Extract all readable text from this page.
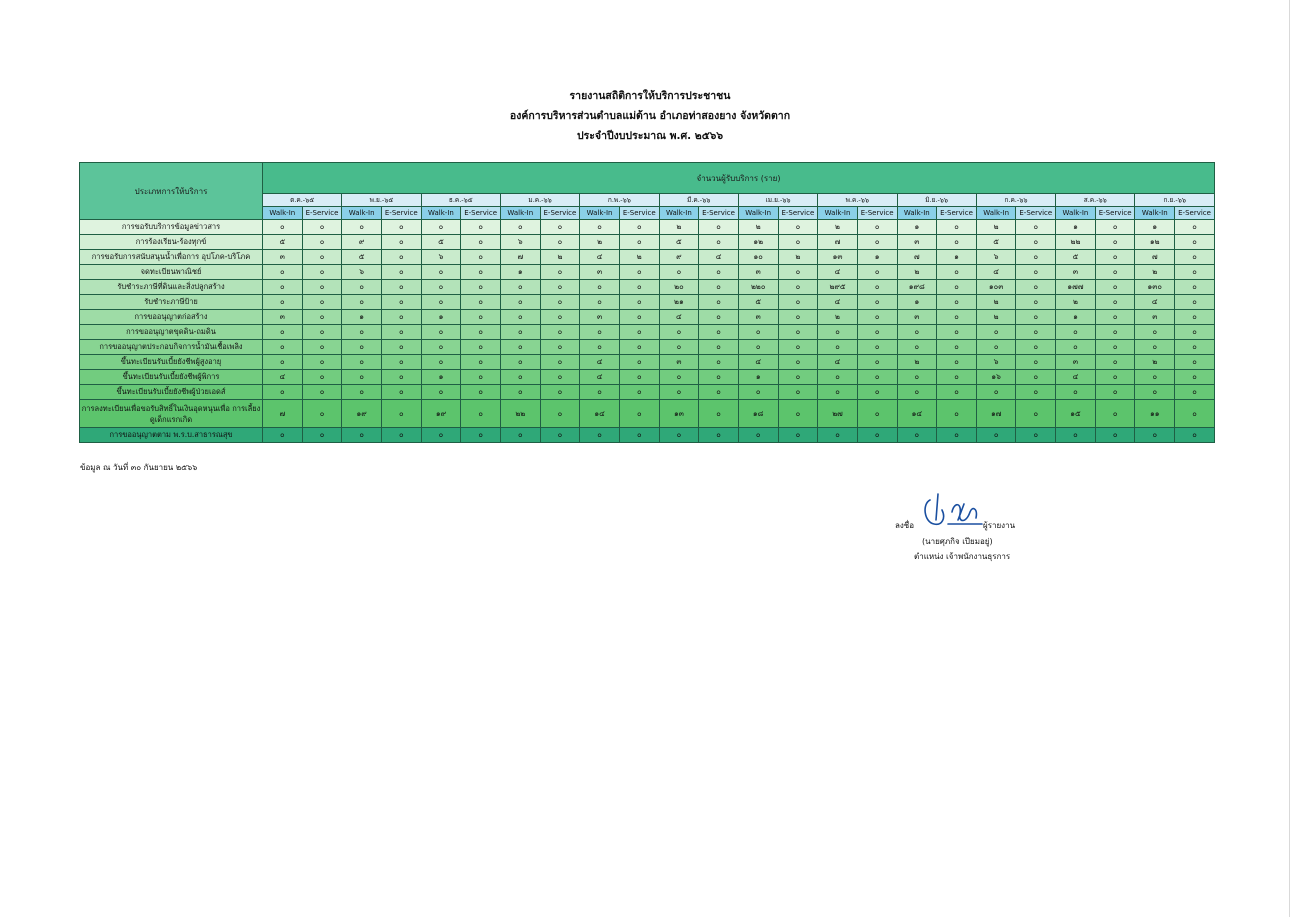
รายงานสถิติการให้บริการประชาชน
องค์การบริหารส่วนตำบลแม่ต้าน อำเภอท่าสองยาง จังหวัดตาก
ประจำปีงบประมาณ พ.ศ. ๒๕๖๖
ประเภทการให้บริการ	จำนวนผู้รับบริการ (ราย)																							
	ต.ค.-๖๕		พ.ย.-๖๕		ธ.ค.-๖๕		ม.ค.-๖๖		ก.พ.-๖๖		มี.ค.-๖๖		เม.ย.-๖๖		พ.ค.-๖๖		มิ.ย.-๖๖		ก.ค.-๖๖		ส.ค.-๖๖		ก.ย.-๖๖	
	Walk-In	E-Service	Walk-In	E-Service	Walk-In	E-Service	Walk-In	E-Service	Walk-In	E-Service	Walk-In	E-Service	Walk-In	E-Service	Walk-In	E-Service	Walk-In	E-Service	Walk-In	E-Service	Walk-In	E-Service	Walk-In	E-Service
การขอรับบริการข้อมูลข่าวสาร	๐	๐	๐	๐	๐	๐	๐	๐	๐	๐	๒	๐	๒	๐	๒	๐	๑	๐	๒	๐	๑	๐	๑	๐
การร้องเรียน-ร้องทุกข์	๕	๐	๙	๐	๕	๐	๖	๐	๒	๐	๕	๐	๑๒	๐	๗	๐	๓	๐	๕	๐	๒๒	๐	๑๒	๐
การขอรับการสนับสนุนน้ำเพื่อการ อุปโภค-บริโภค	๓	๐	๕	๐	๖	๐	๗	๒	๔	๒	๙	๔	๑๐	๒	๑๓	๑	๗	๑	๖	๐	๕	๐	๗	๐
จดทะเบียนพาณิชย์	๐	๐	๖	๐	๐	๐	๑	๐	๓	๐	๐	๐	๓	๐	๔	๐	๒	๐	๔	๐	๓	๐	๒	๐
รับชำระภาษีที่ดินและสิ่งปลูกสร้าง	๐	๐	๐	๐	๐	๐	๐	๐	๐	๐	๒๐	๐	๒๒๐	๐	๒๙๕	๐	๑๙๘	๐	๑๐๓	๐	๑๗๗	๐	๑๓๐	๐
รับชำระภาษีป้าย	๐	๐	๐	๐	๐	๐	๐	๐	๐	๐	๒๑	๐	๕	๐	๔	๐	๑	๐	๒	๐	๒	๐	๔	๐
การขออนุญาตก่อสร้าง	๓	๐	๑	๐	๑	๐	๐	๐	๓	๐	๔	๐	๓	๐	๒	๐	๓	๐	๒	๐	๑	๐	๓	๐
การขออนุญาตขุดดิน-ถมดิน	๐	๐	๐	๐	๐	๐	๐	๐	๐	๐	๐	๐	๐	๐	๐	๐	๐	๐	๐	๐	๐	๐	๐	๐
การขออนุญาตประกอบกิจการน้ำมันเชื้อเพลิง	๐	๐	๐	๐	๐	๐	๐	๐	๐	๐	๐	๐	๐	๐	๐	๐	๐	๐	๐	๐	๐	๐	๐	๐
ขึ้นทะเบียนรับเบี้ยยังชีพผู้สูงอายุ	๐	๐	๐	๐	๐	๐	๐	๐	๔	๐	๓	๐	๔	๐	๔	๐	๒	๐	๖	๐	๓	๐	๒	๐
ขึ้นทะเบียนรับเบี้ยยังชีพผู้พิการ	๔	๐	๐	๐	๑	๐	๐	๐	๔	๐	๐	๐	๑	๐	๐	๐	๐	๐	๑๖	๐	๔	๐	๐	๐
ขึ้นทะเบียนรับเบี้ยยังชีพผู้ป่วยเอดส์	๐	๐	๐	๐	๐	๐	๐	๐	๐	๐	๐	๐	๐	๐	๐	๐	๐	๐	๐	๐	๐	๐	๐	๐
การลงทะเบียนเพื่อขอรับสิทธิ์ในเงินอุดหนุนเพื่อ การเลี้ยงดูเด็กแรกเกิด	๗	๐	๑๙	๐	๑๙	๐	๒๒	๐	๑๔	๐	๑๓	๐	๑๘	๐	๒๗	๐	๑๔	๐	๑๗	๐	๑๕	๐	๑๑	๐
การขออนุญาตตาม พ.ร.บ.สาธารณสุข	๐	๐	๐	๐	๐	๐	๐	๐	๐	๐	๐	๐	๐	๐	๐	๐	๐	๐	๐	๐	๐	๐	๐	๐
ข้อมูล ณ วันที่ ๓๐ กันยายน ๒๕๖๖
ลงชื่อ	ผู้รายงาน
(นายศุภกิจ เปียมอยู่)
ตำแหน่ง เจ้าพนักงานธุรการ
